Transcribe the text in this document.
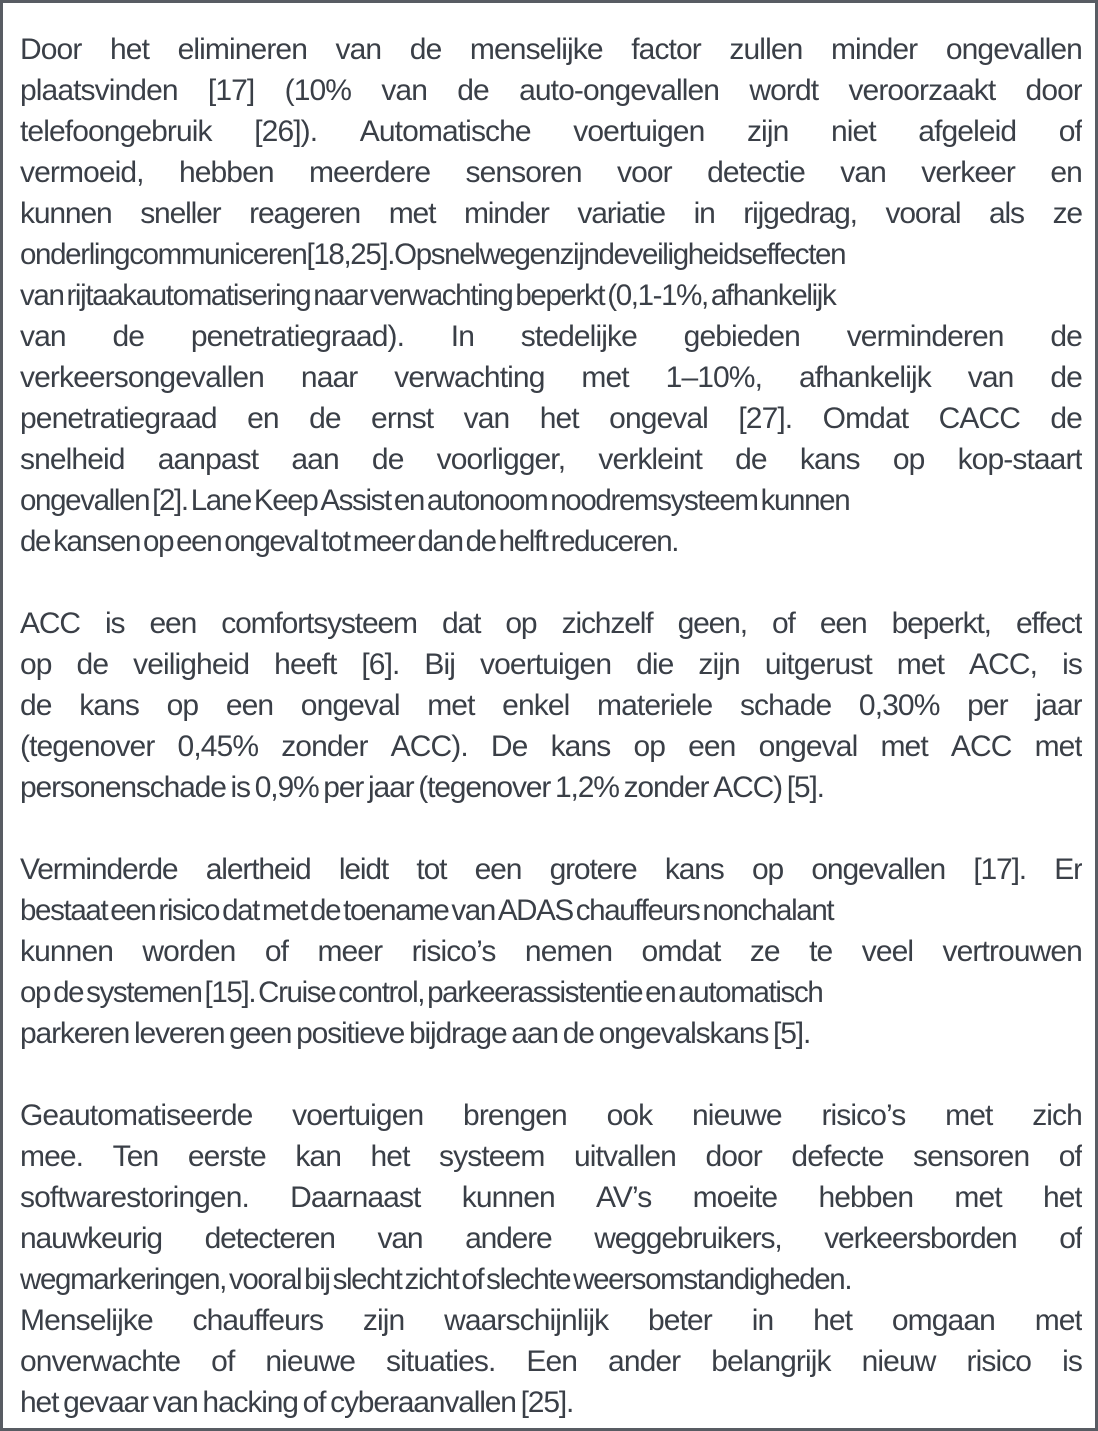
Door het elimineren van de menselijke factor zullen minder ongevallen
plaatsvinden [17] (10% van de auto-ongevallen wordt veroorzaakt door
telefoongebruik [26]). Automatische voertuigen zijn niet afgeleid of
vermoeid, hebben meerdere sensoren voor detectie van verkeer en
kunnen sneller reageren met minder variatie in rijgedrag, vooral als ze
onderlingcommuniceren[18,25].Opsnelwegenzijndeveiligheidseffecten
van rijtaakautomatisering naar verwachting beperkt (0,1-1%, afhankelijk
van de penetratiegraad). In stedelijke gebieden verminderen de
verkeersongevallen naar verwachting met 1–10%, afhankelijk van de
penetratiegraad en de ernst van het ongeval [27]. Omdat CACC de
snelheid aanpast aan de voorligger, verkleint de kans op kop-staart
ongevallen [2]. Lane Keep Assist en autonoom noodremsysteem kunnen
de kansen op een ongeval tot meer dan de helft reduceren.
ACC is een comfortsysteem dat op zichzelf geen, of een beperkt, effect
op de veiligheid heeft [6]. Bij voertuigen die zijn uitgerust met ACC, is
de kans op een ongeval met enkel materiele schade 0,30% per jaar
(tegenover 0,45% zonder ACC). De kans op een ongeval met ACC met
personenschade is 0,9% per jaar (tegenover 1,2% zonder ACC) [5].
Verminderde alertheid leidt tot een grotere kans op ongevallen [17]. Er
bestaat een risico dat met de toename van ADAS chauffeurs nonchalant
kunnen worden of meer risico’s nemen omdat ze te veel vertrouwen
op de systemen [15]. Cruise control, parkeerassistentie en automatisch
parkeren leveren geen positieve bijdrage aan de ongevalskans [5].
Geautomatiseerde voertuigen brengen ook nieuwe risico’s met zich
mee. Ten eerste kan het systeem uitvallen door defecte sensoren of
softwarestoringen. Daarnaast kunnen AV’s moeite hebben met het
nauwkeurig detecteren van andere weggebruikers, verkeersborden of
wegmarkeringen, vooral bij slecht zicht of slechte weersomstandigheden.
Menselijke chauffeurs zijn waarschijnlijk beter in het omgaan met
onverwachte of nieuwe situaties. Een ander belangrijk nieuw risico is
het gevaar van hacking of cyberaanvallen [25].
